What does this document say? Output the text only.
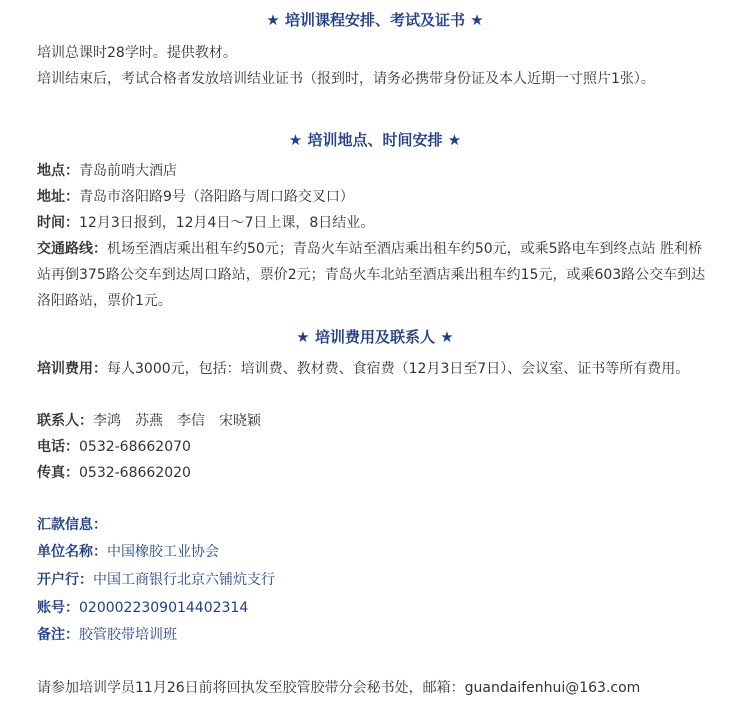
★ 培训课程安排、考试及证书 ★

培训总课时28学时。提供教材。

培训结束后，考试合格者发放培训结业证书（报到时，请务必携带身份证及本人近期一寸照片1张）。

★ 培训地点、时间安排 ★

地点：青岛前哨大酒店

地址：青岛市洛阳路9号（洛阳路与周口路交叉口）

时间：12月3日报到，12月4日～7日上课，8日结业。

交通路线：机场至酒店乘出租车约50元；青岛火车站至酒店乘出租车约50元，或乘5路电车到终点站 胜利桥站再倒375路公交车到达周口路站，票价2元；青岛火车北站至酒店乘出租车约15元，或乘603路公交车到达洛阳路站，票价1元。

★ 培训费用及联系人 ★

培训费用：每人3000元，包括：培训费、教材费、食宿费（12月3日至7日）、会议室、证书等所有费用。

联系人：李鸿　苏燕　李信　宋晓颖

电话：0532-68662070

传真：0532-68662020

汇款信息：

单位名称：中国橡胶工业协会

开户行：中国工商银行北京六铺炕支行

账号：0200022309014402314

备注：胶管胶带培训班

请参加培训学员11月26日前将回执发至胶管胶带分会秘书处，邮箱：guandaifenhui@163.com
